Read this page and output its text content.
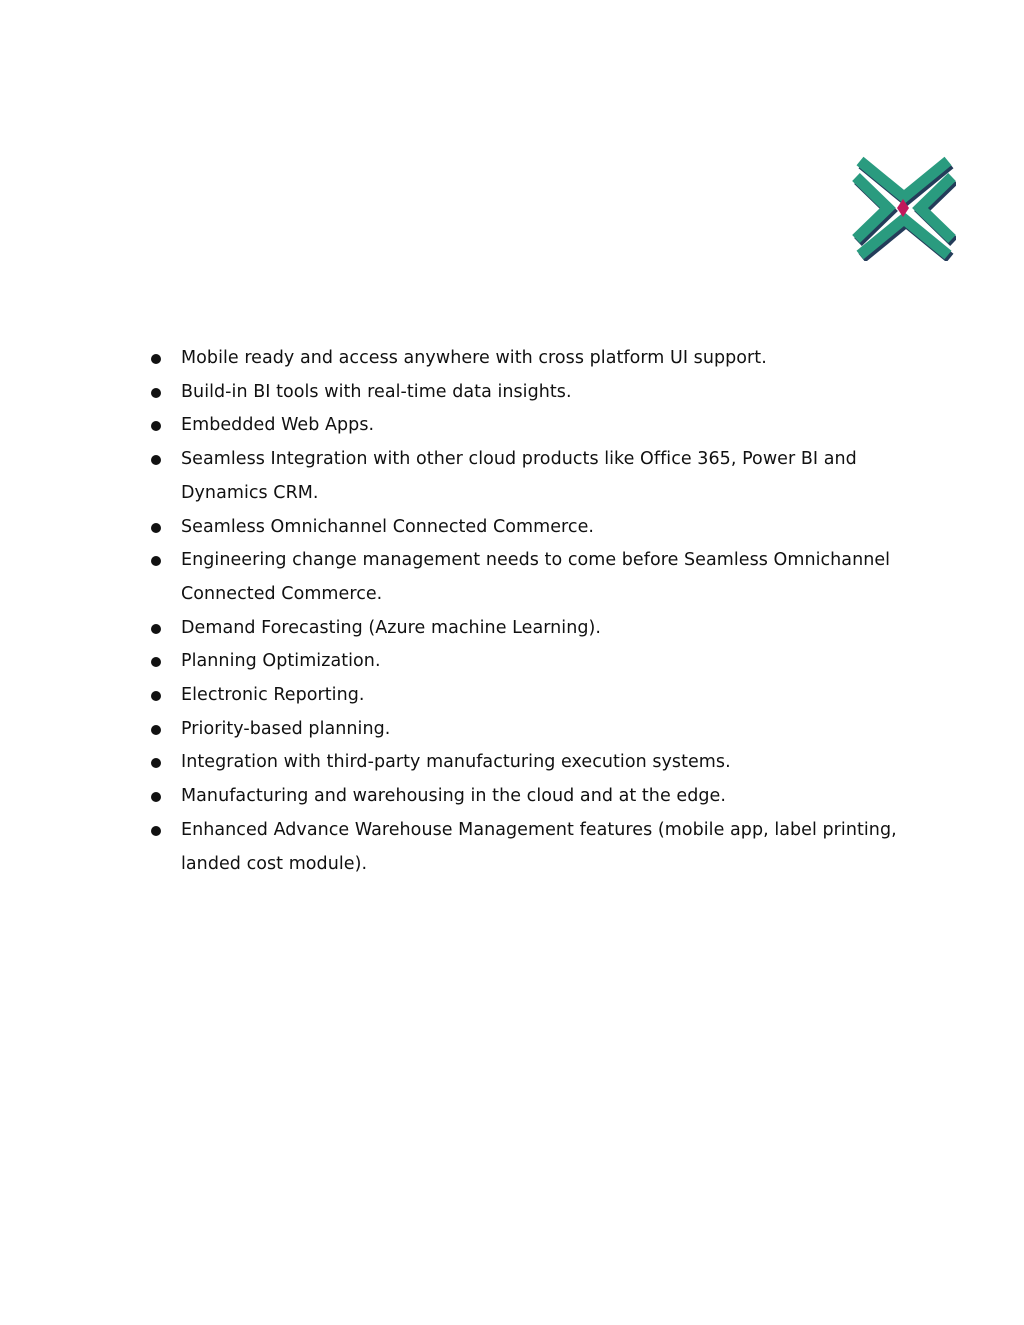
Mobile ready and access anywhere with cross platform UI support.
Build-in BI tools with real-time data insights.
Embedded Web Apps.
Seamless Integration with other cloud products like Office 365, Power BI and Dynamics CRM.
Seamless Omnichannel Connected Commerce.
Engineering change management needs to come before Seamless Omnichannel Connected Commerce.
Demand Forecasting (Azure machine Learning).
Planning Optimization.
Electronic Reporting.
Priority-based planning.
Integration with third-party manufacturing execution systems.
Manufacturing and warehousing in the cloud and at the edge.
Enhanced Advance Warehouse Management features (mobile app, label printing, landed cost module).
